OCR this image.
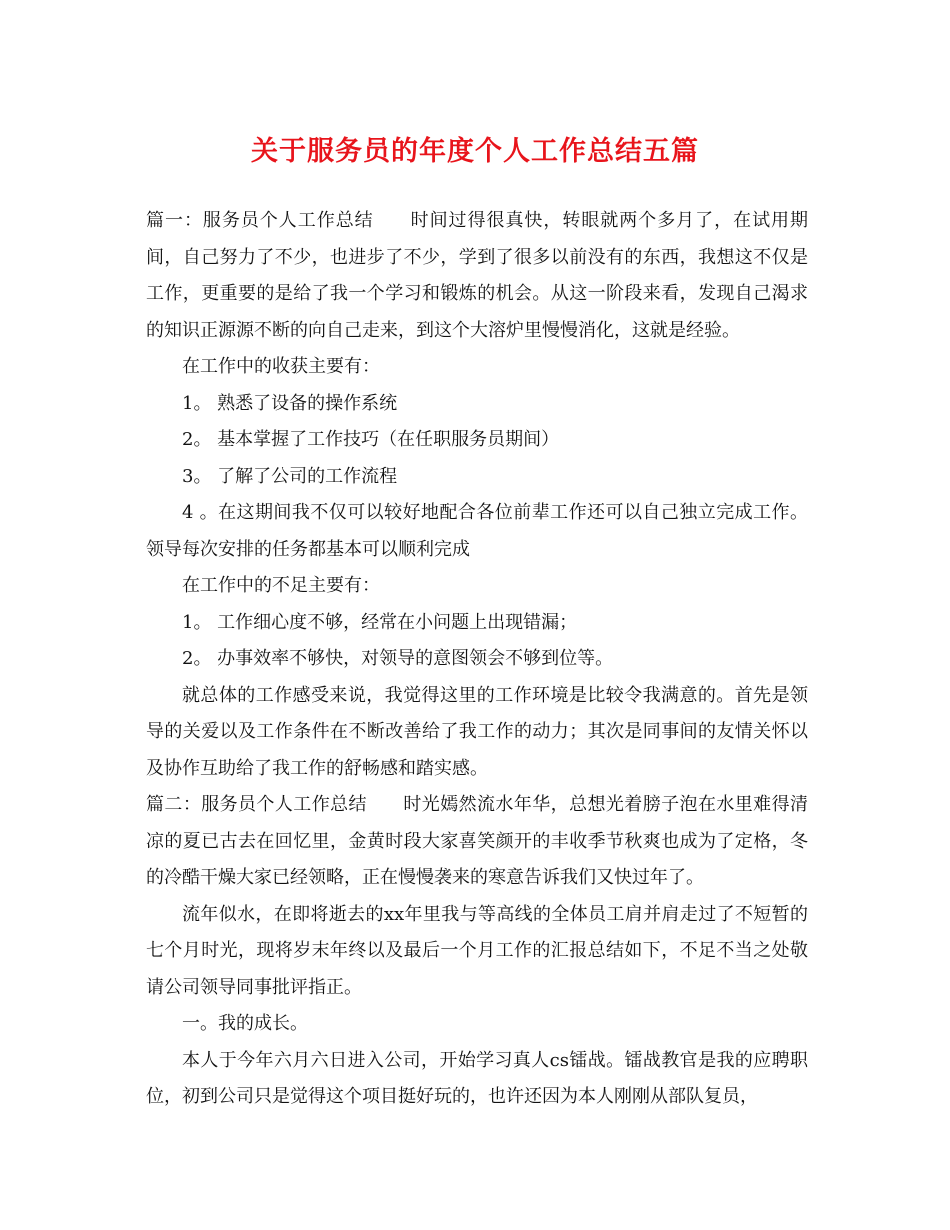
关于服务员的年度个人工作总结五篇

篇一：服务员个人工作总结 时间过得很真快，转眼就两个多月了，在试用期间，自己努力了不少，也进步了不少，学到了很多以前没有的东西，我想这不仅是工作，更重要的是给了我一个学习和锻炼的机会。从这一阶段来看，发现自己渴求的知识正源源不断的向自己走来，到这个大溶炉里慢慢消化，这就是经验。

在工作中的收获主要有：

1。 熟悉了设备的操作系统

2。 基本掌握了工作技巧（在任职服务员期间）

3。 了解了公司的工作流程

4 。在这期间我不仅可以较好地配合各位前辈工作还可以自己独立完成工作。领导每次安排的任务都基本可以顺利完成

在工作中的不足主要有：

1。 工作细心度不够，经常在小问题上出现错漏；

2。 办事效率不够快，对领导的意图领会不够到位等。

就总体的工作感受来说，我觉得这里的工作环境是比较令我满意的。首先是领导的关爱以及工作条件在不断改善给了我工作的动力；其次是同事间的友情关怀以及协作互助给了我工作的舒畅感和踏实感。

篇二：服务员个人工作总结 时光嫣然流水年华，总想光着膀子泡在水里难得清凉的夏已古去在回忆里，金黄时段大家喜笑颜开的丰收季节秋爽也成为了定格，冬的冷酷干燥大家已经领略，正在慢慢袭来的寒意告诉我们又快过年了。

流年似水，在即将逝去的xx年里我与等高线的全体员工肩并肩走过了不短暂的七个月时光，现将岁末年终以及最后一个月工作的汇报总结如下，不足不当之处敬请公司领导同事批评指正。

一。我的成长。

本人于今年六月六日进入公司，开始学习真人cs镭战。镭战教官是我的应聘职位，初到公司只是觉得这个项目挺好玩的，也许还因为本人刚刚从部队复员，
